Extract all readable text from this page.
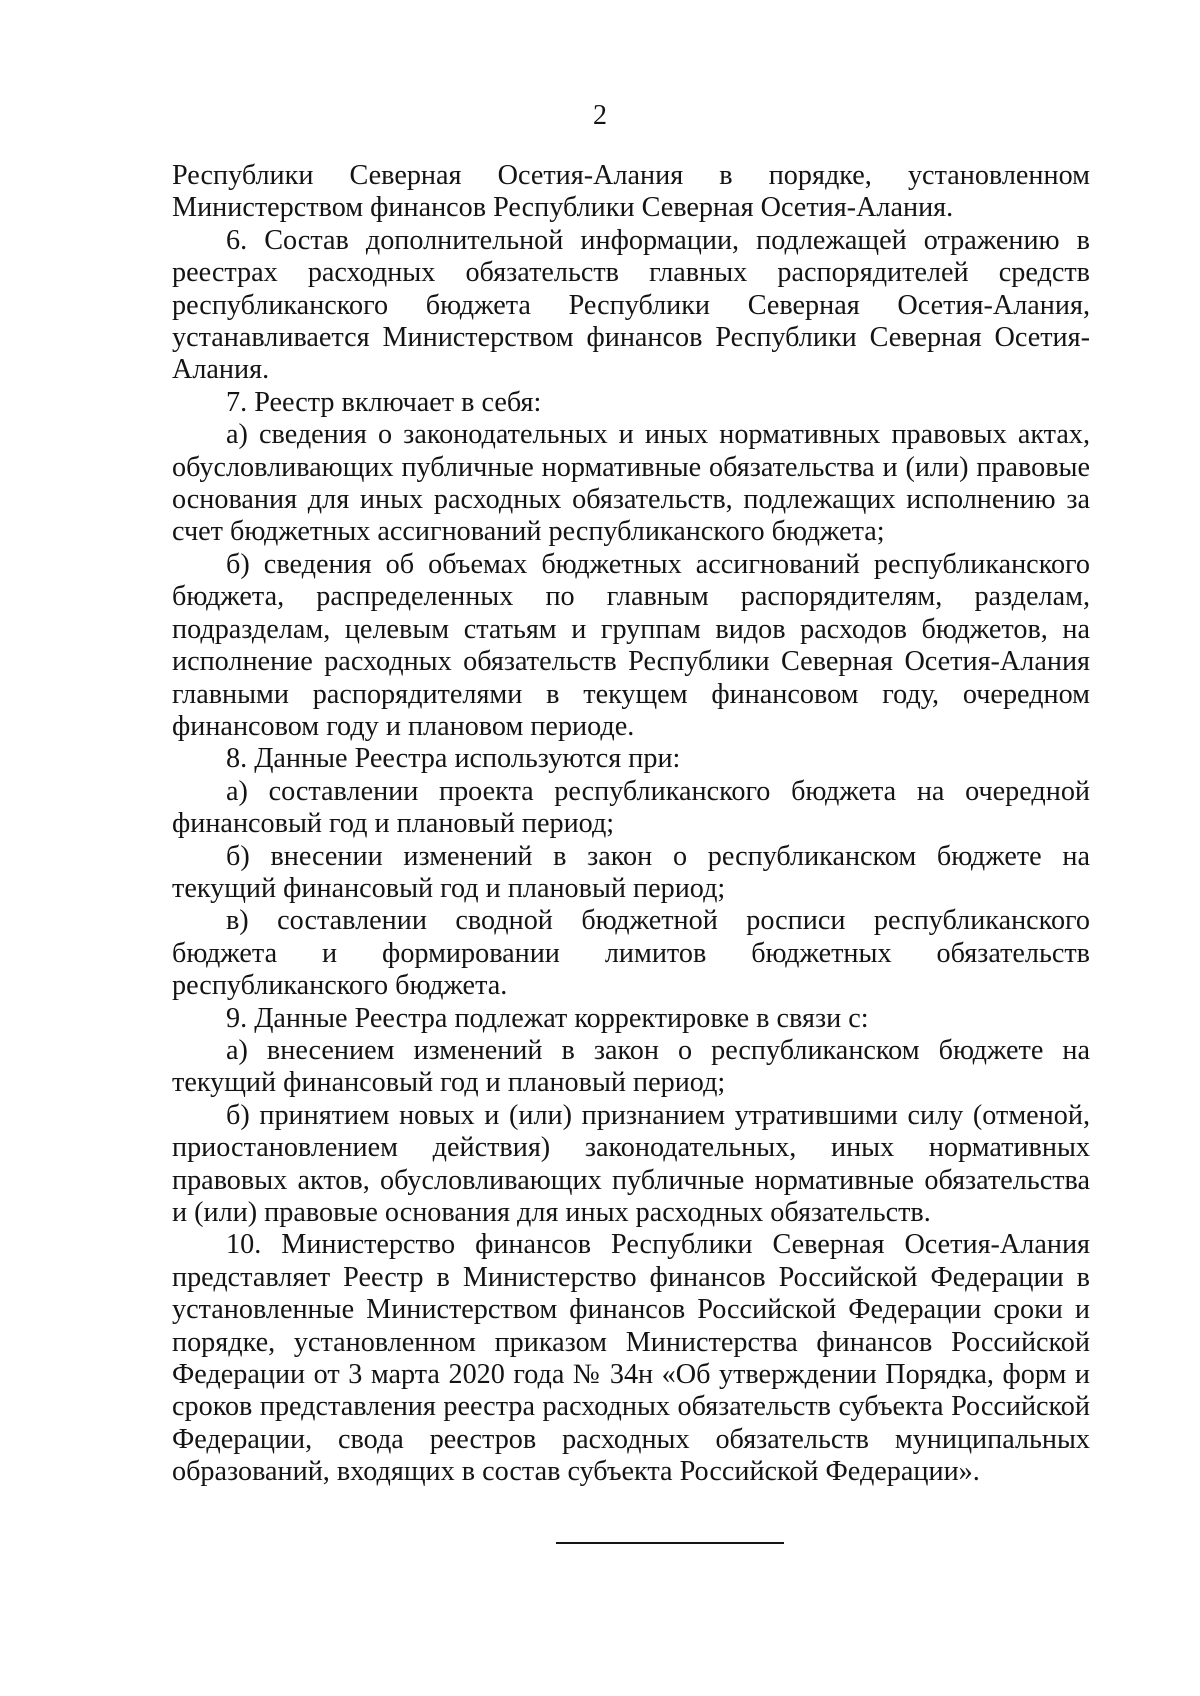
2

Республики Северная Осетия-Алания в порядке, установленном Министерством финансов Республики Северная Осетия-Алания.

6. Состав дополнительной информации, подлежащей отражению в реестрах расходных обязательств главных распорядителей средств республиканского бюджета Республики Северная Осетия-Алания, устанавливается Министерством финансов Республики Северная Осетия-Алания.

7. Реестр включает в себя:

а) сведения о законодательных и иных нормативных правовых актах, обусловливающих публичные нормативные обязательства и (или) правовые основания для иных расходных обязательств, подлежащих исполнению за счет бюджетных ассигнований республиканского бюджета;

б) сведения об объемах бюджетных ассигнований республиканского бюджета, распределенных по главным распорядителям, разделам, подразделам, целевым статьям и группам видов расходов бюджетов, на исполнение расходных обязательств Республики Северная Осетия-Алания главными распорядителями в текущем финансовом году, очередном финансовом году и плановом периоде.

8. Данные Реестра используются при:

а) составлении проекта республиканского бюджета на очередной финансовый год и плановый период;

б) внесении изменений в закон о республиканском бюджете на текущий финансовый год и плановый период;

в) составлении сводной бюджетной росписи республиканского бюджета и формировании лимитов бюджетных обязательств республиканского бюджета.

9. Данные Реестра подлежат корректировке в связи с:

а) внесением изменений в закон о республиканском бюджете на текущий финансовый год и плановый период;

б) принятием новых и (или) признанием утратившими силу (отменой, приостановлением действия) законодательных, иных нормативных правовых актов, обусловливающих публичные нормативные обязательства и (или) правовые основания для иных расходных обязательств.

10. Министерство финансов Республики Северная Осетия-Алания представляет Реестр в Министерство финансов Российской Федерации в установленные Министерством финансов Российской Федерации сроки и порядке, установленном приказом Министерства финансов Российской Федерации от 3 марта 2020 года № 34н «Об утверждении Порядка, форм и сроков представления реестра расходных обязательств субъекта Российской Федерации, свода реестров расходных обязательств муниципальных образований, входящих в состав субъекта Российской Федерации».
